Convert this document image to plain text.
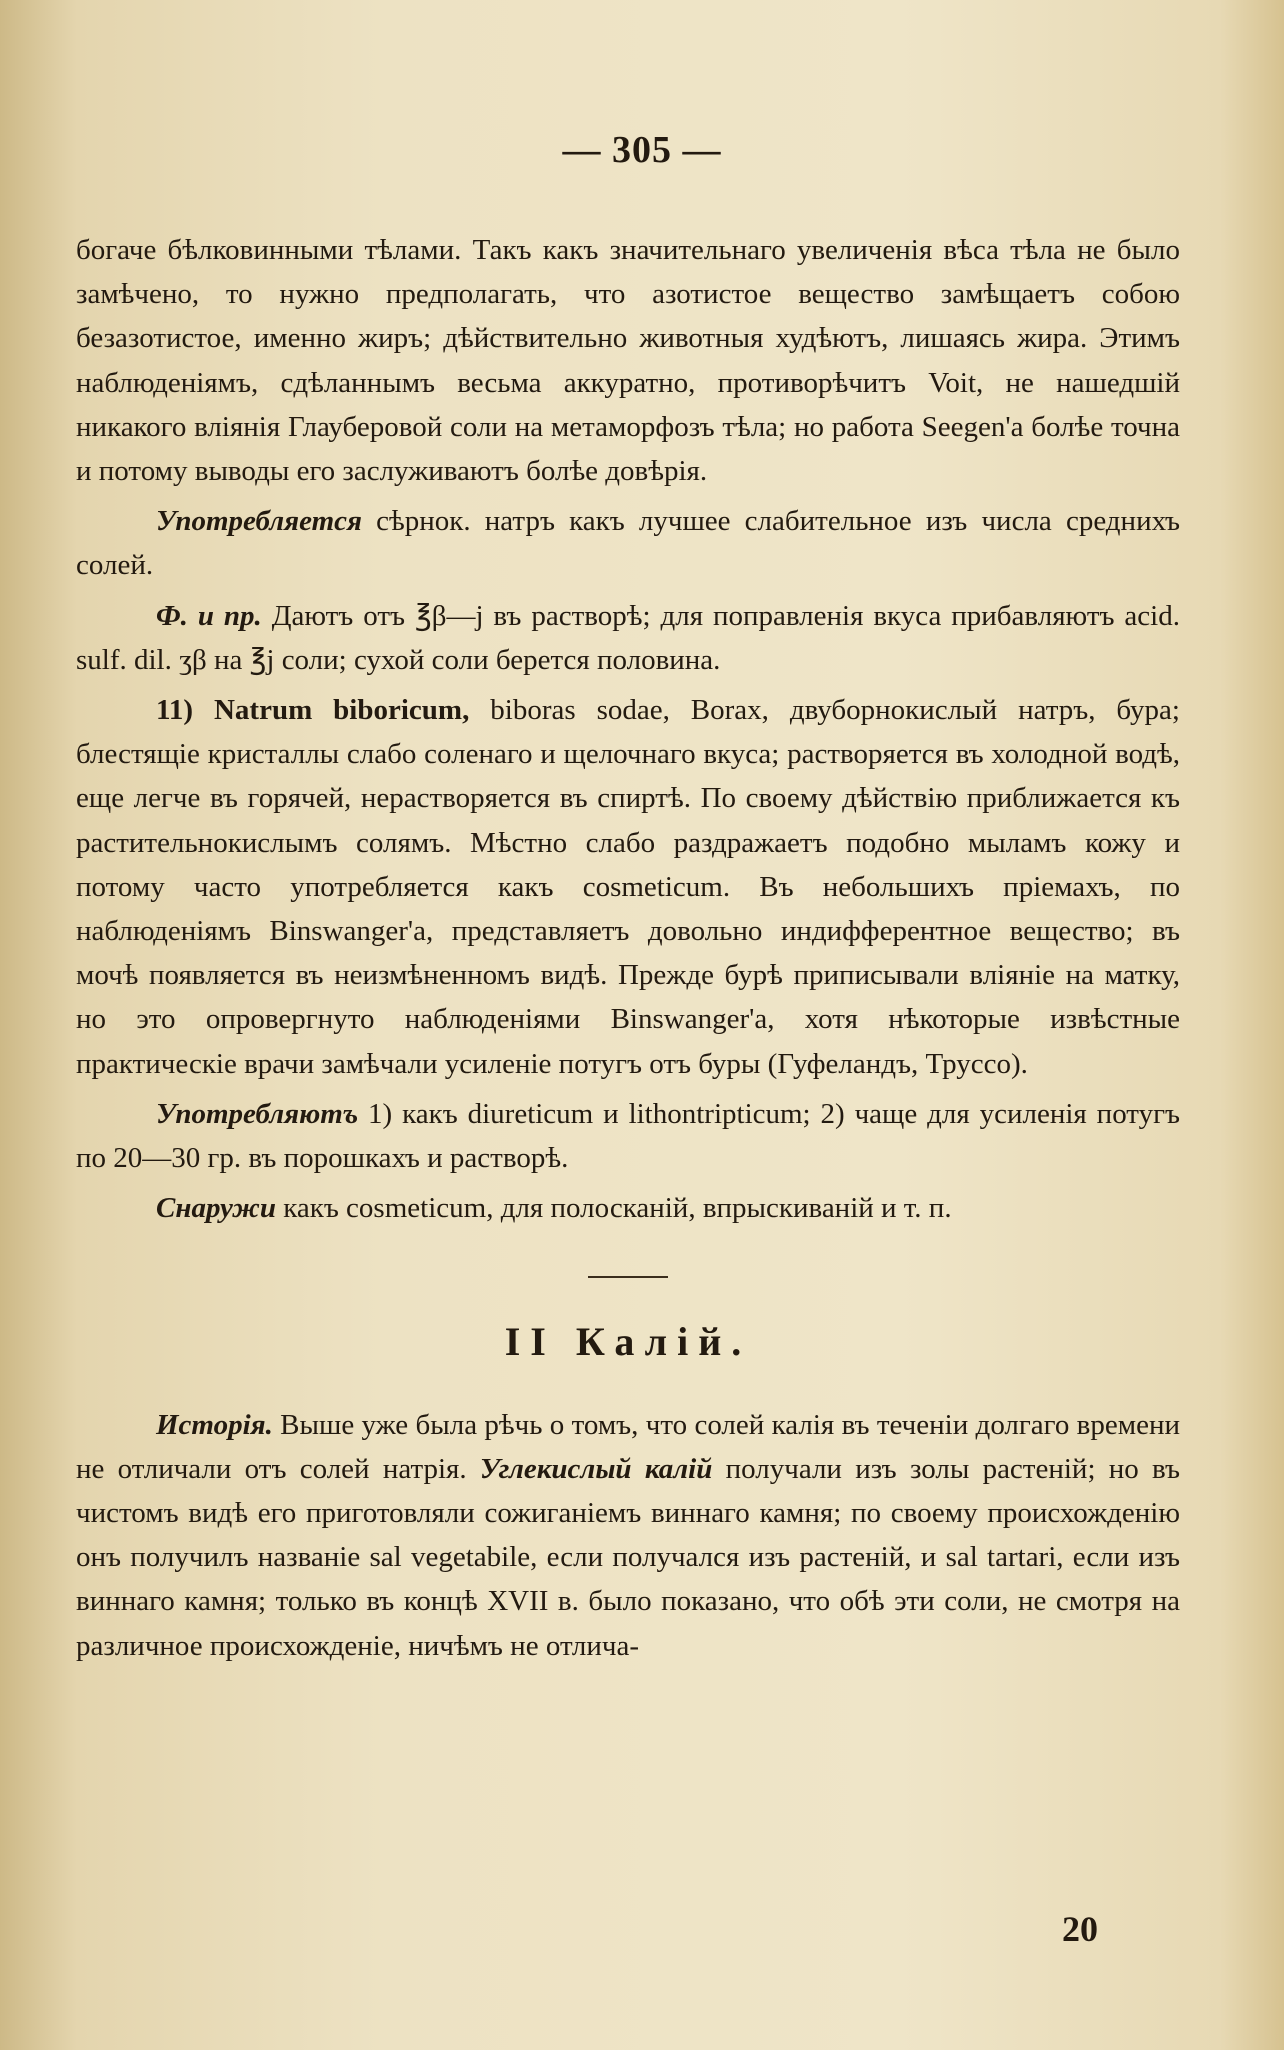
— 305 —

богаче бѣлковинными тѣлами. Такъ какъ значительнаго увеличенія вѣса тѣла не было замѣчено, то нужно предполагать, что азотистое вещество замѣщаетъ собою безазотистое, именно жиръ; дѣйствительно животныя худѣютъ, лишаясь жира. Этимъ наблюденіямъ, сдѣланнымъ весьма аккуратно, противорѣчитъ Voit, не нашедшій никакого вліянія Глауберовой соли на метаморфозъ тѣла; но работа Seegen'а болѣе точна и потому выводы его заслуживаютъ болѣе довѣрія.

Употребляется сѣрнок. натръ какъ лучшее слабительное изъ числа среднихъ солей.

Ф. и пр. Даютъ отъ ℥β—j въ растворѣ; для поправленія вкуса прибавляютъ acid. sulf. dil. ʒβ на ℥j соли; сухой соли берется половина.

11) Natrum biboricum, biboras sodae, Borax, двуборнокислый натръ, бура; блестящіе кристаллы слабо соленаго и щелочнаго вкуса; растворяется въ холодной водѣ, еще легче въ горячей, нерастворяется въ спиртѣ. По своему дѣйствію приближается къ растительнокислымъ солямъ. Мѣстно слабо раздражаетъ подобно мыламъ кожу и потому часто употребляется какъ cosmeticum. Въ небольшихъ пріемахъ, по наблюденіямъ Binswanger'а, представляетъ довольно индифферентное вещество; въ мочѣ появляется въ неизмѣненномъ видѣ. Прежде бурѣ приписывали вліяніе на матку, но это опровергнуто наблюденіями Binswanger'а, хотя нѣкоторые извѣстные практическіе врачи замѣчали усиленіе потугъ отъ буры (Гуфеландъ, Труссо).

Употребляютъ 1) какъ diureticum и lithontripticum; 2) чаще для усиленія потугъ по 20—30 гр. въ порошкахъ и растворѣ.

Снаружи какъ cosmeticum, для полосканій, впрыскиваній и т. п.

II Калій.

Исторія. Выше уже была рѣчь о томъ, что солей калія въ теченіи долгаго времени не отличали отъ солей натрія. Углекислый калій получали изъ золы растеній; но въ чистомъ видѣ его приготовляли сожиганіемъ виннаго камня; по своему происхожденію онъ получилъ названіе sal vegetabile, если получался изъ растеній, и sal tartari, если изъ виннаго камня; только въ концѣ XVII в. было показано, что обѣ эти соли, не смотря на различное происхожденіе, ничѣмъ не отлича-

20
